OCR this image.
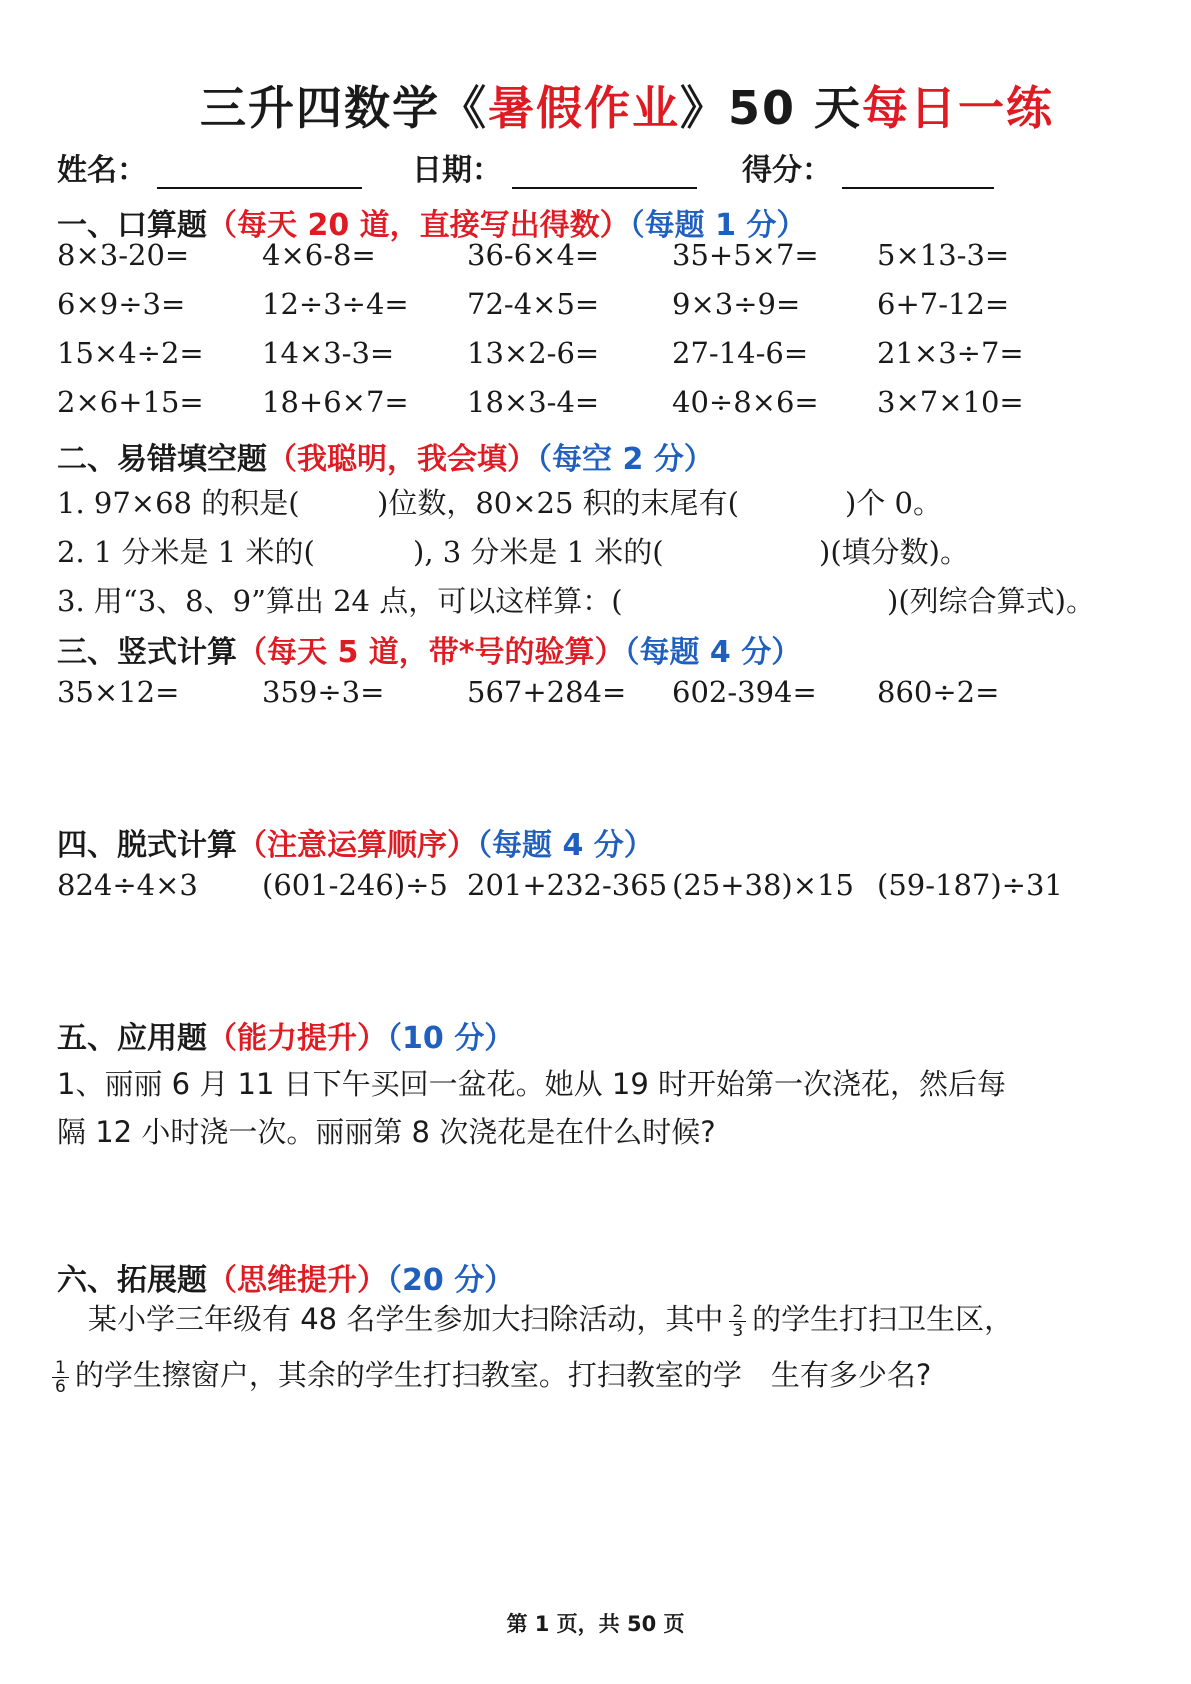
三升四数学《暑假作业》50 天每日一练
姓名：	日期：	得分：
一、口算题（每天 20 道，直接写出得数）（每题 1 分）
8×3-20=	4×6-8=	36-6×4=	35+5×7= 5×13-3=
6×9÷3=	12÷3÷4= 72-4×5=	9×3÷9=	6+7-12=
15×4÷2= 14×3-3=	13×2-6=	27-14-6= 21×3÷7=
2×6+15= 18+6×7= 18×3-4=	40÷8×6= 3×7×10=
二、易错填空题（我聪明，我会填）（每空 2 分）
1. 97×68 的积是(	)位数，80×25 积的末尾有(	)个 0。
2. 1 分米是 1 米的(	), 3 分米是 1 米的(	)(填分数)。
3. 用“3、8、9”算出 24 点，可以这样算：(	)(列综合算式)。
三、竖式计算（每天 5 道，带*号的验算）（每题 4 分）
35×12=	359÷3=	567+284= 602-394= 860÷2=
四、脱式计算（注意运算顺序）（每题 4 分）
824÷4×3 (601-246)÷5 201+232-365 (25+38)×15 (59-187)÷31
五、应用题（能力提升）（10 分）
1、丽丽 6 月 11 日下午买回一盆花。她从 19 时开始第一次浇花，然后每
隔 12 小时浇一次。丽丽第 8 次浇花是在什么时候?
六、拓展题（思维提升）（20 分）
某小学三年级有 48 名学生参加大扫除活动，其中 $\frac{2}{3}$ 的学生打扫卫生区，
$\frac{1}{6}$ 的学生擦窗户，其余的学生打扫教室。打扫教室的学　生有多少名?
第 1 页，共 50 页
